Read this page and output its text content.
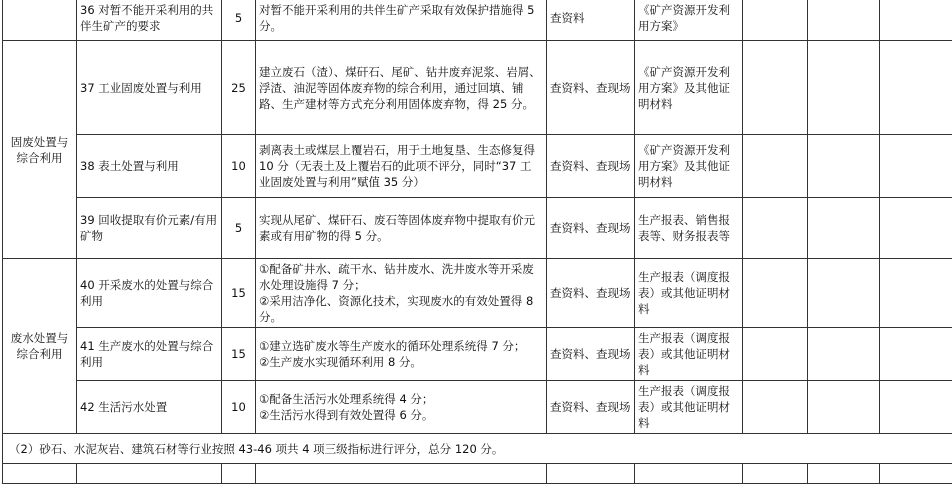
	36 对暂不能开采利用的共伴生矿产的要求	5	对暂不能开采利用的共伴生矿产采取有效保护措施得 5 分。	查资料	《矿产资源开发利用方案》			
固废处置与综合利用	37 工业固废处置与利用	25	建立废石（渣）、煤矸石、尾矿、钻井废弃泥浆、岩屑、浮渣、油泥等固体废弃物的综合利用，通过回填、铺路、生产建材等方式充分利用固体废弃物，得 25 分。	查资料、查现场	《矿产资源开发利用方案》及其他证明材料			
	38 表土处置与利用	10	剥离表土或煤层上覆岩石，用于土地复垦、生态修复得 10 分（无表土及上覆岩石的此项不评分，同时“37 工业固废处置与利用”赋值 35 分）	查资料、查现场	《矿产资源开发利用方案》及其他证明材料			
	39 回收提取有价元素/有用矿物	5	实现从尾矿、煤矸石、废石等固体废弃物中提取有价元素或有用矿物的得 5 分。	查资料、查现场	生产报表、销售报表等、财务报表等			
废水处置与综合利用	40 开采废水的处置与综合利用	15	①配备矿井水、疏干水、钻井废水、洗井废水等开采废水处理设施得 7 分；
②采用洁净化、资源化技术，实现废水的有效处置得 8 分。	查资料、查现场	生产报表（调度报表）或其他证明材料			
	41 生产废水的处置与综合利用	15	①建立选矿废水等生产废水的循环处理系统得 7 分；
②生产废水实现循环利用 8 分。	查资料、查现场	生产报表（调度报表）或其他证明材料			
	42 生活污水处置	10	①配备生活污水处理系统得 4 分；
②生活污水得到有效处置得 6 分。	查资料、查现场	生产报表（调度报表）或其他证明材料			
（2）砂石、水泥灰岩、建筑石材等行业按照 43-46 项共 4 项三级指标进行评分，总分 120 分。								
